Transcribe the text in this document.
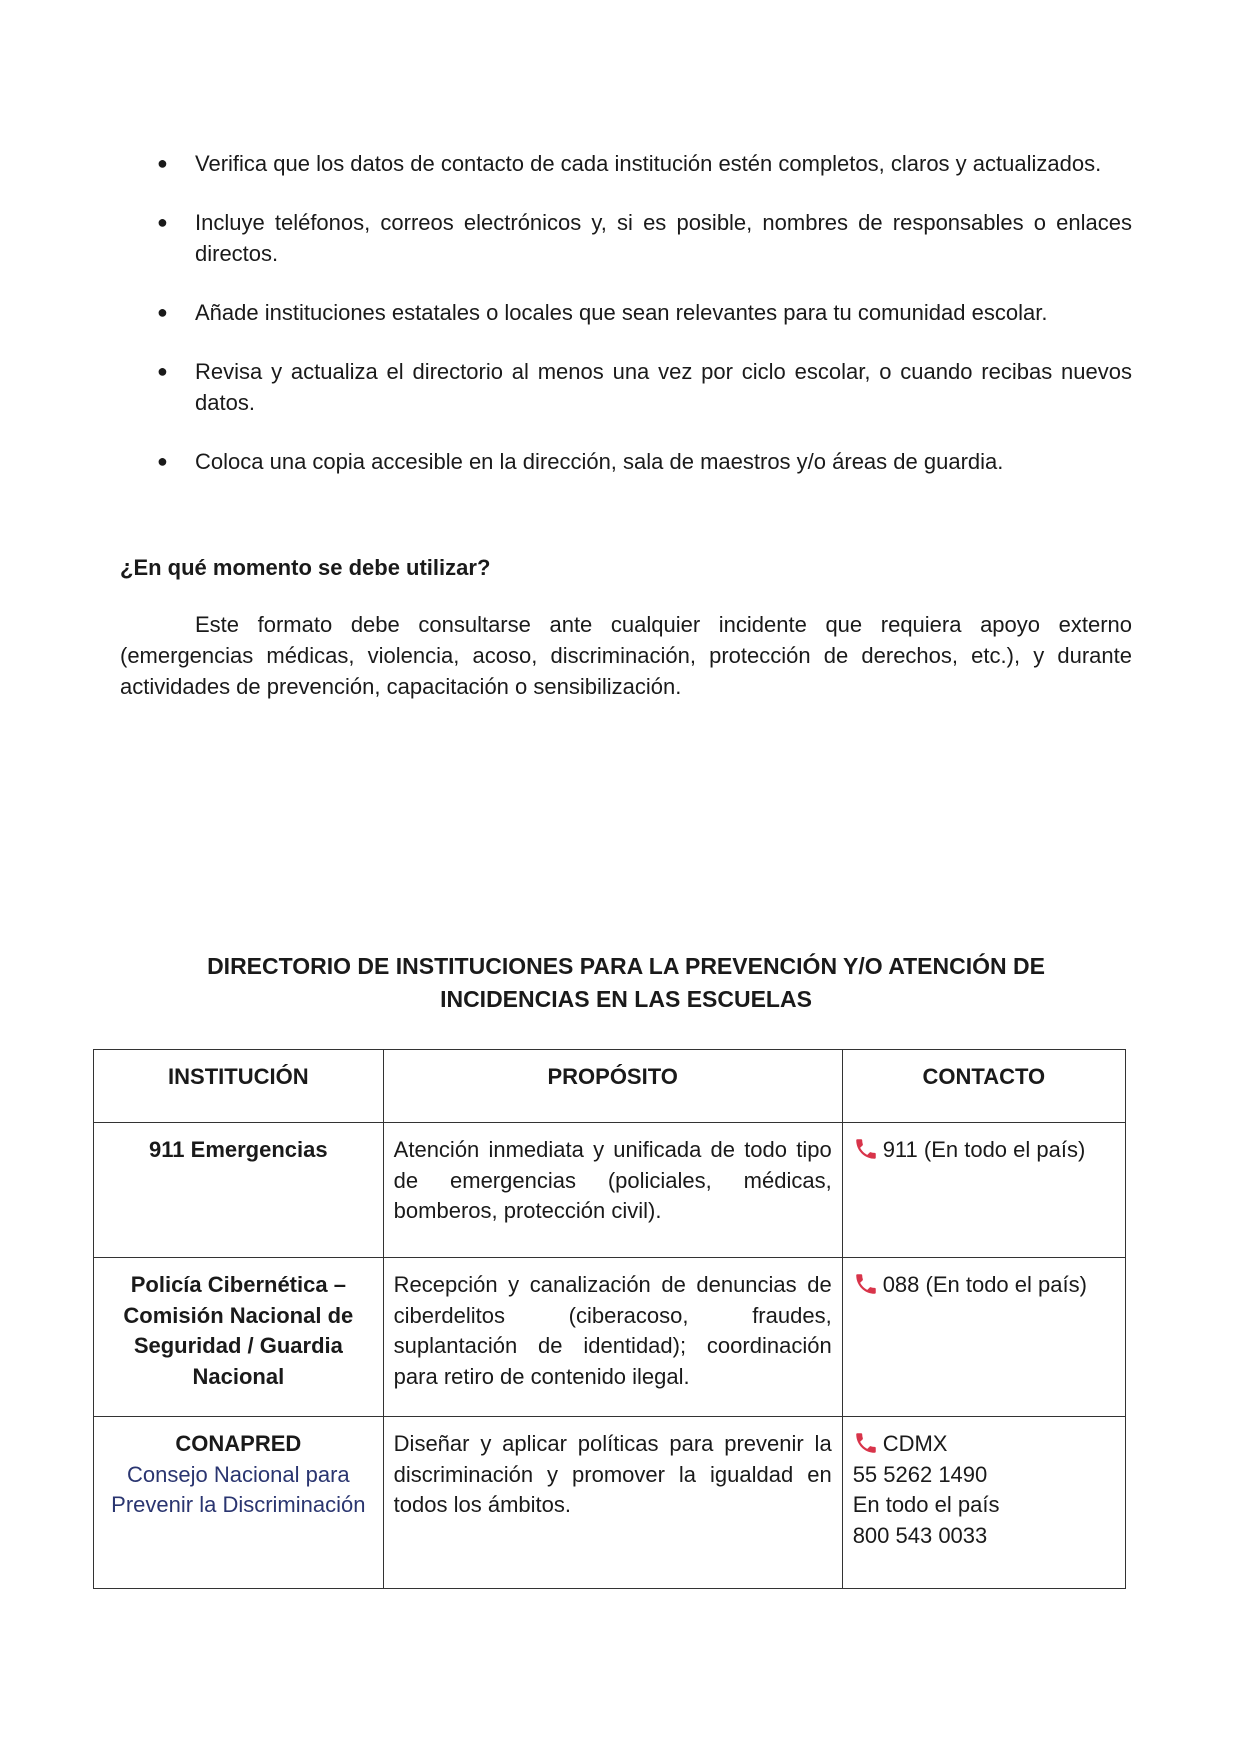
● Verifica que los datos de contacto de cada institución estén completos, claros y actualizados.
● Incluye teléfonos, correos electrónicos y, si es posible, nombres de responsables o enlaces directos.
● Añade instituciones estatales o locales que sean relevantes para tu comunidad escolar.
● Revisa y actualiza el directorio al menos una vez por ciclo escolar, o cuando recibas nuevos datos.
● Coloca una copia accesible en la dirección, sala de maestros y/o áreas de guardia.

¿En qué momento se debe utilizar?

Este formato debe consultarse ante cualquier incidente que requiera apoyo externo (emergencias médicas, violencia, acoso, discriminación, protección de derechos, etc.), y durante actividades de prevención, capacitación o sensibilización.

DIRECTORIO DE INSTITUCIONES PARA LA PREVENCIÓN Y/O ATENCIÓN DE
INCIDENCIAS EN LAS ESCUELAS
INSTITUCIÓN	PROPÓSITO	CONTACTO
911 Emergencias	Atención inmediata y unificada de todo tipo de emergencias (policiales, médicas, bomberos, protección civil).	911 (En todo el país)

Policía Cibernética – Comisión Nacional de Seguridad / Guardia Nacional	Recepción y canalización de denuncias de ciberdelitos (ciberacoso, fraudes, suplantación de identidad); coordinación para retiro de contenido ilegal.	088 (En todo el país)

CONAPRED
Consejo Nacional para Prevenir la Discriminación	Diseñar y aplicar políticas para prevenir la discriminación y promover la igualdad en todos los ámbitos.	CDMX
55 5262 1490
En todo el país
800 543 0033
